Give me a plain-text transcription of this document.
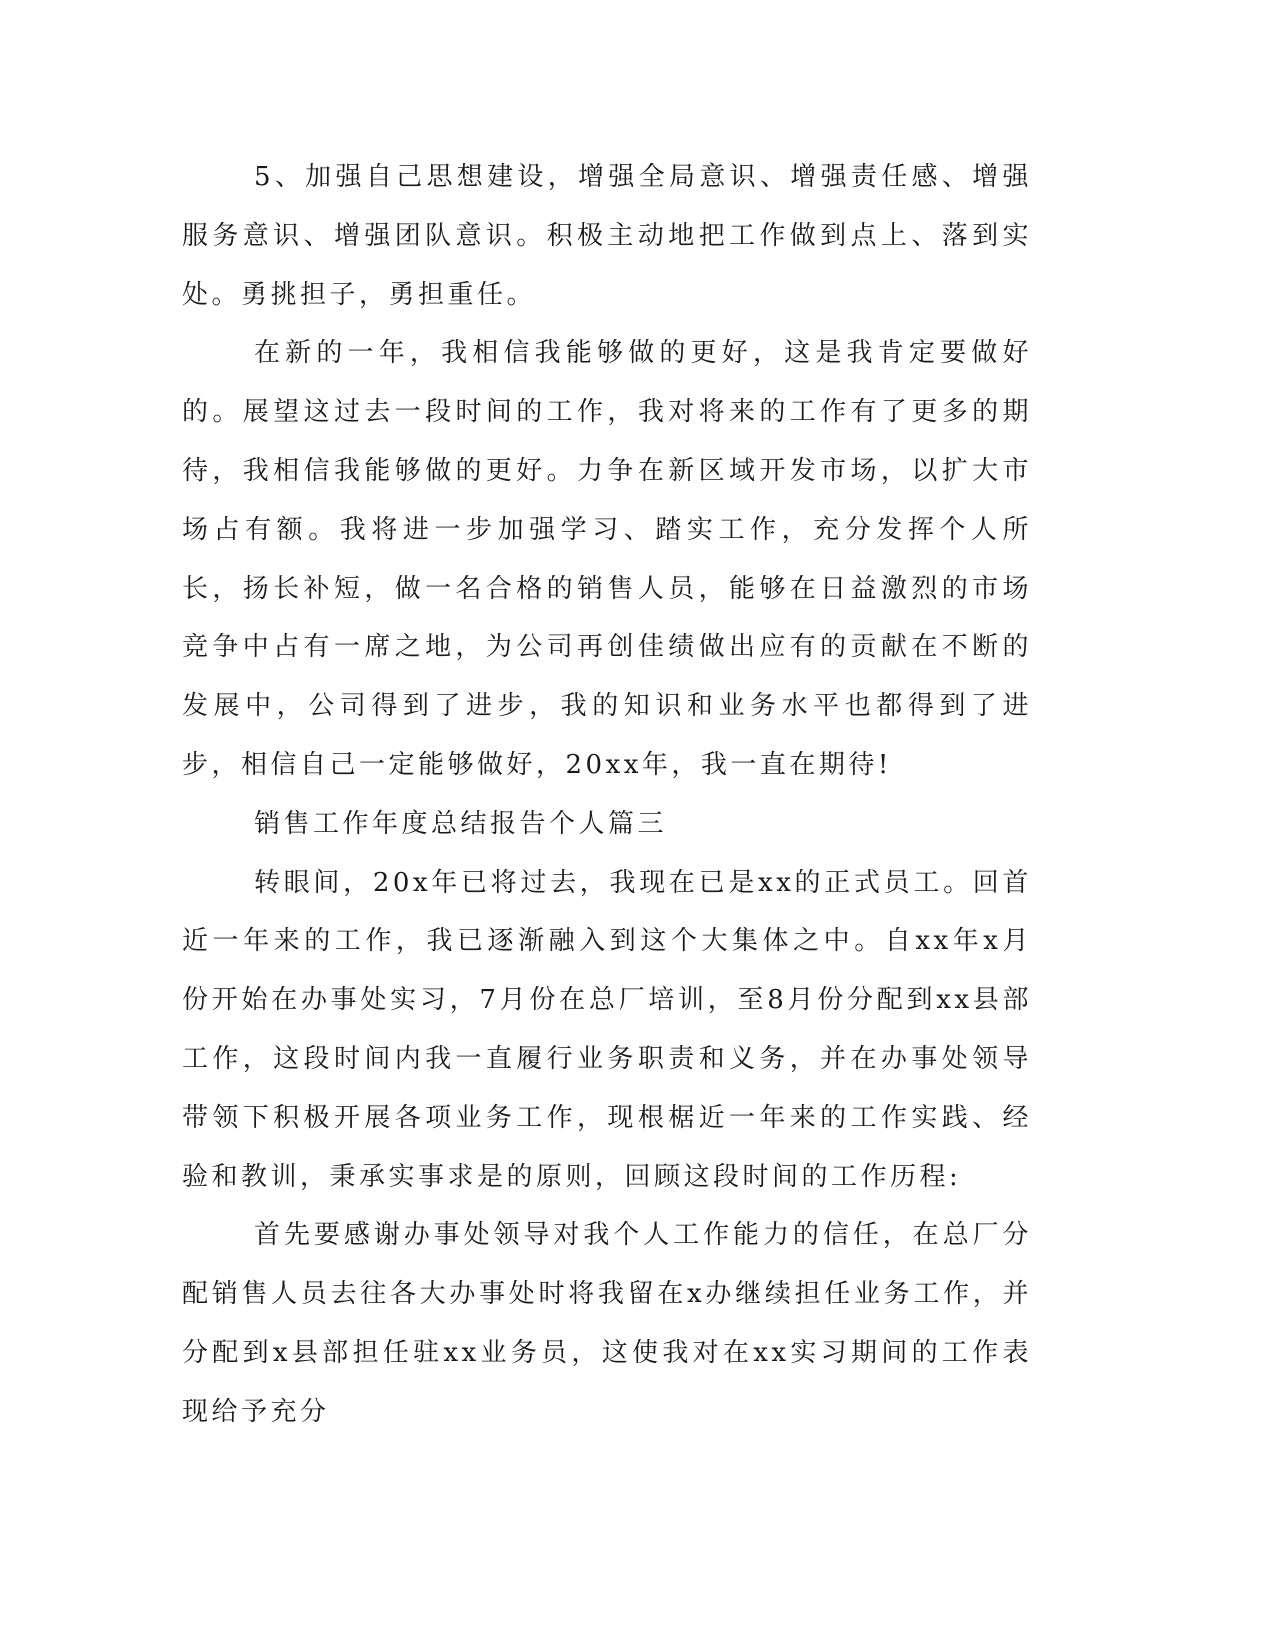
5、加强自己思想建设，增强全局意识、增强责任感、增强服务意识、增强团队意识。积极主动地把工作做到点上、落到实处。勇挑担子，勇担重任。

在新的一年，我相信我能够做的更好，这是我肯定要做好的。展望这过去一段时间的工作，我对将来的工作有了更多的期待，我相信我能够做的更好。力争在新区域开发市场，以扩大市场占有额。我将进一步加强学习、踏实工作，充分发挥个人所长，扬长补短，做一名合格的销售人员，能够在日益激烈的市场竞争中占有一席之地，为公司再创佳绩做出应有的贡献在不断的发展中，公司得到了进步，我的知识和业务水平也都得到了进步，相信自己一定能够做好，20xx年，我一直在期待!

销售工作年度总结报告个人篇三

转眼间，20x年已将过去，我现在已是xx的正式员工。回首近一年来的工作，我已逐渐融入到这个大集体之中。自xx年x月份开始在办事处实习，7月份在总厂培训，至8月份分配到xx县部工作，这段时间内我一直履行业务职责和义务，并在办事处领导带领下积极开展各项业务工作，现根椐近一年来的工作实践、经验和教训，秉承实事求是的原则，回顾这段时间的工作历程:

首先要感谢办事处领导对我个人工作能力的信任，在总厂分配销售人员去往各大办事处时将我留在x办继续担任业务工作，并分配到x县部担任驻xx业务员，这使我对在xx实习期间的工作表现给予充分
